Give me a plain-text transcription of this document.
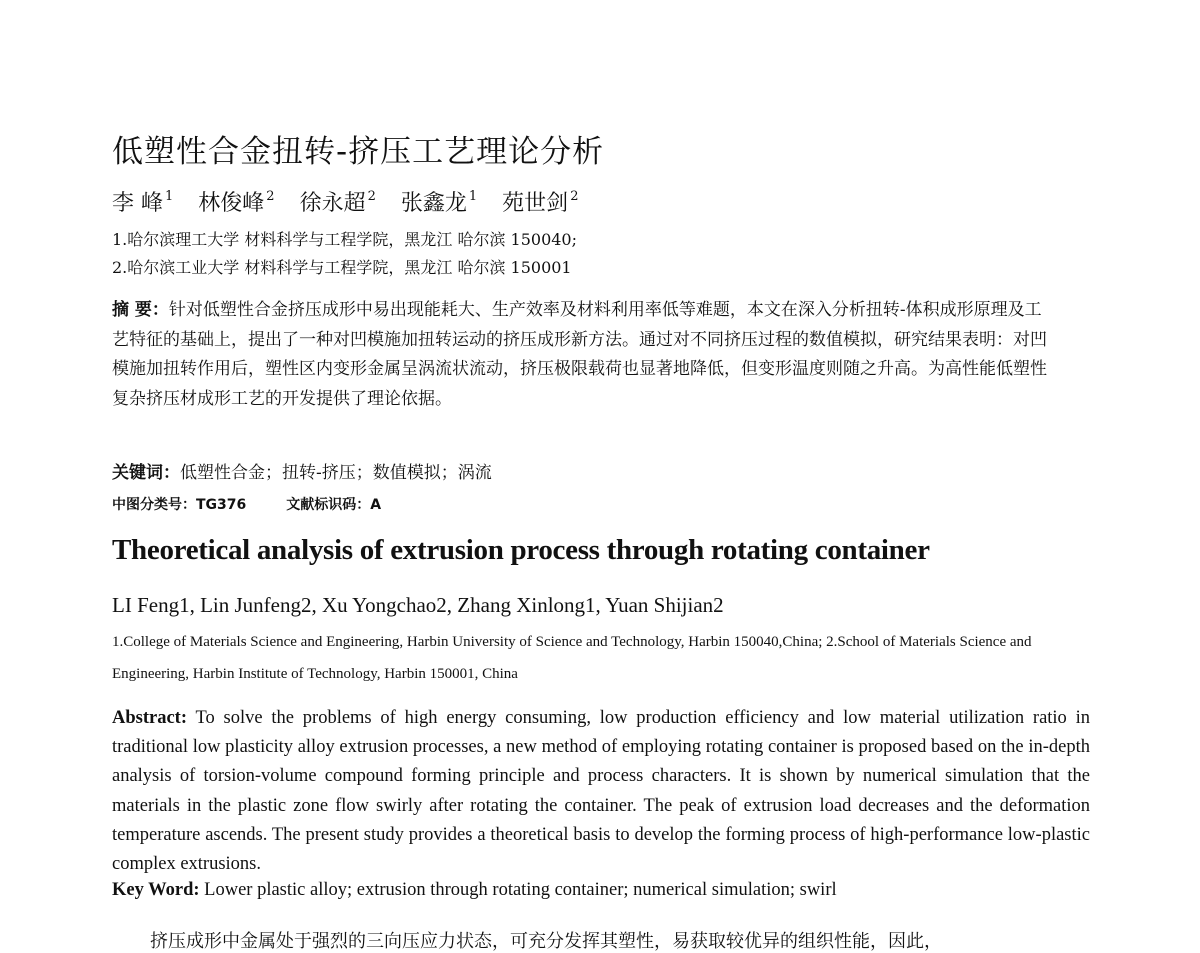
低塑性合金扭转-挤压工艺理论分析
李 峰 $^1$ 林俊峰 $^2$ 徐永超 $^2$ 张鑫龙 $^1$ 苑世剑 $^2$
1.哈尔滨理工大学 材料科学与工程学院，黑龙江 哈尔滨 150040;
2.哈尔滨工业大学 材料科学与工程学院，黑龙江 哈尔滨 150001
摘 要：针对低塑性合金挤压成形中易出现能耗大、生产效率及材料利用率低等难题，本文在深入分析扭转-体积成形原理及工艺特征的基础上，提出了一种对凹模施加扭转运动的挤压成形新方法。通过对不同挤压过程的数值模拟，研究结果表明：对凹模施加扭转作用后，塑性区内变形金属呈涡流状流动，挤压极限载荷也显著地降低，但变形温度则随之升高。为高性能低塑性复杂挤压材成形工艺的开发提供了理论依据。
关键词：低塑性合金；扭转-挤压；数值模拟；涡流
中图分类号：TG376	文献标识码：A
Theoretical analysis of extrusion process through rotating container
LI Feng1, Lin Junfeng2, Xu Yongchao2, Zhang Xinlong1, Yuan Shijian2
1.College of Materials Science and Engineering, Harbin University of Science and Technology, Harbin 150040,China; 2.School of Materials Science and Engineering, Harbin Institute of Technology, Harbin 150001, China
Abstract: To solve the problems of high energy consuming, low production efficiency and low material utilization ratio in traditional low plasticity alloy extrusion processes, a new method of employing rotating container is proposed based on the in-depth analysis of torsion-volume compound forming principle and process characters. It is shown by numerical simulation that the materials in the plastic zone flow swirly after rotating the container. The peak of extrusion load decreases and the deformation temperature ascends. The present study provides a theoretical basis to develop the forming process of high-performance low-plastic complex extrusions.
Key Word: Lower plastic alloy; extrusion through rotating container; numerical simulation; swirl
挤压成形中金属处于强烈的三向压应力状态，可充分发挥其塑性，易获取较优异的组织性能，因此，
